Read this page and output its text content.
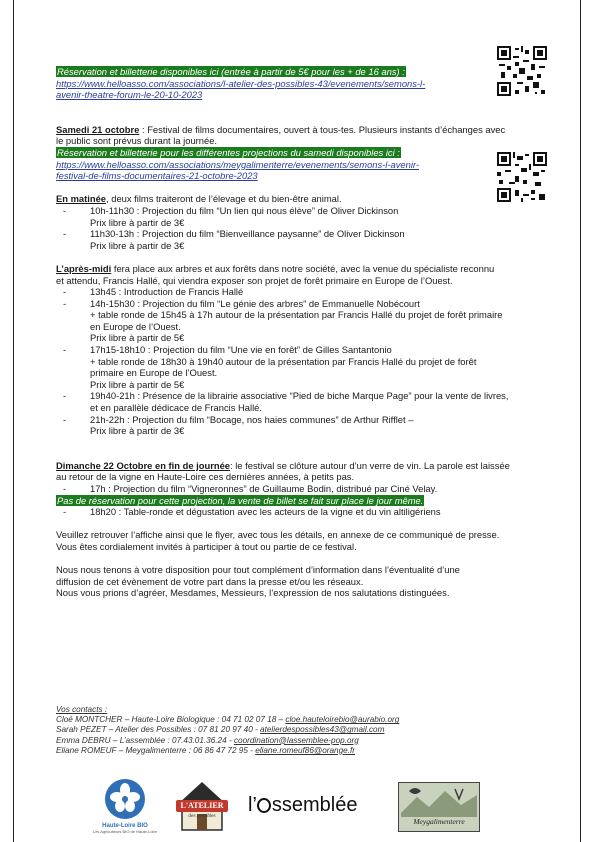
Réservation et billetterie disponibles ici (entrée à partir de 5€ pour les + de 16 ans) :

https://www.helloasso.com/associations/l-atelier-des-possibles-43/evenements/semons-l-

avenir-theatre-forum-le-20-10-2023

Samedi 21 octobre : Festival de films documentaires, ouvert à tous-tes. Plusieurs instants d’échanges avec

le public sont prévus durant la journée.

Réservation et billetterie pour les différentes projections du samedi disponibles ici :

https://www.helloasso.com/associations/meygalimenterre/evenements/semons-l-avenir-

festival-de-films-documentaires-21-octobre-2023

En matinée, deux films traiteront de l’élevage et du bien-être animal.

- 10h-11h30 : Projection du film “Un lien qui nous élève” de Oliver Dickinson
Prix libre à partir de 3€
- 11h30-13h : Projection du film “Bienveillance paysanne” de Oliver Dickinson
Prix libre à partir de 3€

L’après-midi fera place aux arbres et aux forêts dans notre société, avec la venue du spécialiste reconnu

et attendu, Francis Hallé, qui viendra exposer son projet de forêt primaire en Europe de l’Ouest.

- 13h45 : Introduction de Francis Hallé
- 14h-15h30 : Projection du film “Le génie des arbres” de Emmanuelle Nobécourt
+ table ronde de 15h45 à 17h autour de la présentation par Francis Hallé du projet de forêt primaire
en Europe de l’Ouest.
Prix libre à partir de 5€
- 17h15-18h10 : Projection du film “Une vie en forêt” de Gilles Santantonio
+ table ronde de 18h30 à 19h40 autour de la présentation par Francis Hallé du projet de forêt
primaire en Europe de l’Ouest.
Prix libre à partir de 5€
- 19h40-21h : Présence de la librairie associative “Pied de biche Marque Page” pour la vente de livres,
et en parallèle dédicace de Francis Hallé.
- 21h-22h : Projection du film “Bocage, nos haies communes” de Arthur Rifflet –
Prix libre à partir de 3€

Dimanche 22 Octobre en fin de journée: le festival se clôture autour d’un verre de vin. La parole est laissée

au retour de la vigne en Haute-Loire ces dernières années, à petits pas.

- 17h : Projection du film “Vigneronnes” de Guillaume Bodin, distribué par Ciné Velay.

Pas de réservation pour cette projection, la vente de billet se fait sur place le jour même.

- 18h20 : Table-ronde et dégustation avec les acteurs de la vigne et du vin altiligériens

Veuillez retrouver l’affiche ainsi que le flyer, avec tous les détails, en annexe de ce communiqué de presse.

Vous êtes cordialement invités à participer à tout ou partie de ce festival.

Nous nous tenons à votre disposition pour tout complément d’information dans l’éventualité d’une

diffusion de cet évènement de votre part dans la presse et/ou les réseaux.

Nous vous prions d’agréer, Mesdames, Messieurs, l’expression de nos salutations distinguées.

Vos contacts :
Cloé MONTCHER – Haute-Loire Biologique : 04 71 02 07 18 – cloe.hauteloirebio@aurabio.org
Sarah PEZET – Atelier des Possibles : 07 81 20 97 40 - atelierdespossibles43@gmail.com
Emma DEBRU – L’assemblée : 07.43.01.36.24 - coordination@lassemblee-pop.org
Eliane ROMEUF – Meygalimenterre : 06 86 47 72 95 - eliane.romeuf86@orange.fr
Haute-Loire BIO
Les Agriculteurs BIO de Haute-Loire
L'ATELIER
des possibles l’ ssemblée
Meygalimenterre
